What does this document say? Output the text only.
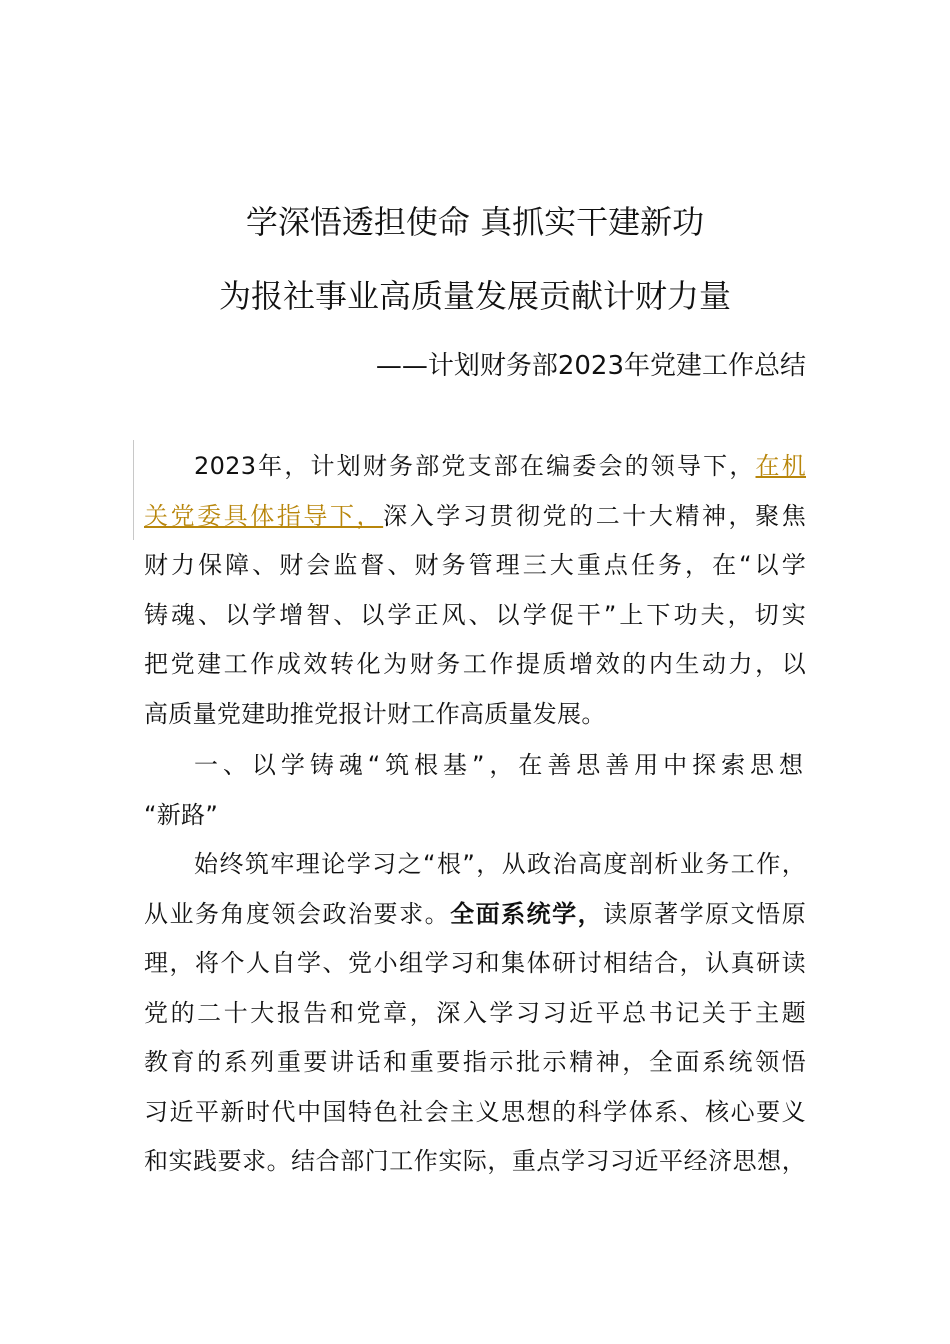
学深悟透担使命 真抓实干建新功
为报社事业高质量发展贡献计财力量
——计划财务部2023年党建工作总结
2023年，计划财务部党支部在编委会的领导下，在机
关党委具体指导下，深入学习贯彻党的二十大精神，聚焦
财力保障、财会监督、财务管理三大重点任务，在“以学
铸魂、以学增智、以学正风、以学促干”上下功夫，切实
把党建工作成效转化为财务工作提质增效的内生动力，以
高质量党建助推党报计财工作高质量发展。
一、以学铸魂“筑根基”，在善思善用中探索思想
“新路”
始终筑牢理论学习之“根”，从政治高度剖析业务工作，
从业务角度领会政治要求。全面系统学，读原著学原文悟原
理，将个人自学、党小组学习和集体研讨相结合，认真研读
党的二十大报告和党章，深入学习习近平总书记关于主题
教育的系列重要讲话和重要指示批示精神，全面系统领悟
习近平新时代中国特色社会主义思想的科学体系、核心要义
和实践要求。结合部门工作实际，重点学习习近平经济思想，
